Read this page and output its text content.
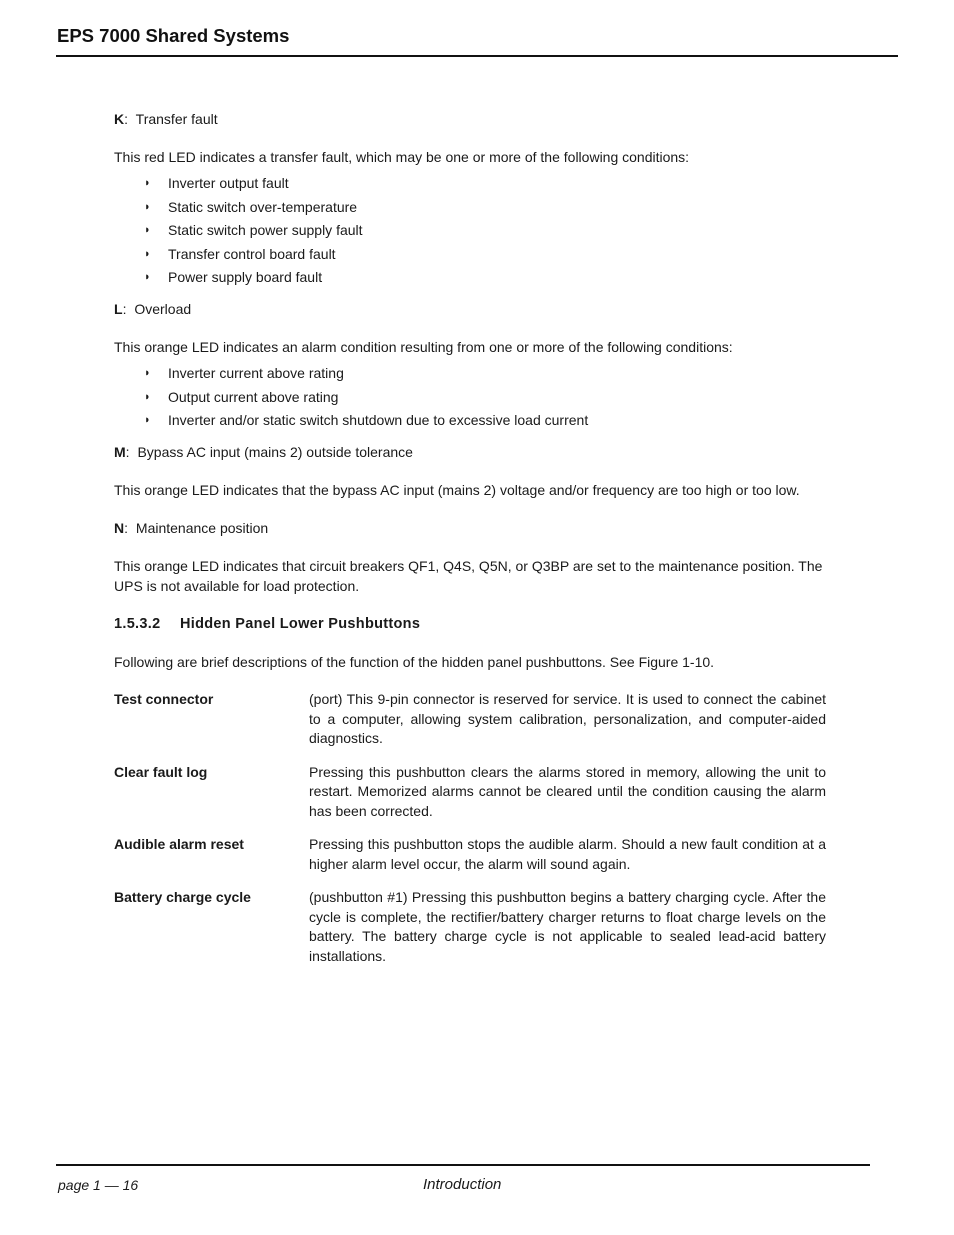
EPS 7000 Shared Systems
K: Transfer fault
This red LED indicates a transfer fault, which may be one or more of the following conditions:
◗ Inverter output fault
◗ Static switch over-temperature
◗ Static switch power supply fault
◗ Transfer control board fault
◗ Power supply board fault
L: Overload
This orange LED indicates an alarm condition resulting from one or more of the following conditions:
◗ Inverter current above rating
◗ Output current above rating
◗ Inverter and/or static switch shutdown due to excessive load current
M: Bypass AC input (mains 2) outside tolerance
This orange LED indicates that the bypass AC input (mains 2) voltage and/or frequency are too high or too low.
N: Maintenance position
This orange LED indicates that circuit breakers QF1, Q4S, Q5N, or Q3BP are set to the maintenance position. The UPS is not available for load protection.
1.5.3.2 Hidden Panel Lower Pushbuttons
Following are brief descriptions of the function of the hidden panel pushbuttons. See Figure 1-10.
Test connector	(port) This 9-pin connector is reserved for service. It is used to connect the cabinet to a computer, allowing system calibration, personalization, and computer-aided diagnostics.
Clear fault log	Pressing this pushbutton clears the alarms stored in memory, allowing the unit to restart. Memorized alarms cannot be cleared until the condition causing the alarm has been corrected.
Audible alarm reset	Pressing this pushbutton stops the audible alarm. Should a new fault condition at a higher alarm level occur, the alarm will sound again.
Battery charge cycle	(pushbutton #1) Pressing this pushbutton begins a battery charging cycle. After the cycle is complete, the rectifier/battery charger returns to float charge levels on the battery. The battery charge cycle is not applicable to sealed lead-acid battery installations.
page 1 — 16	Introduction
